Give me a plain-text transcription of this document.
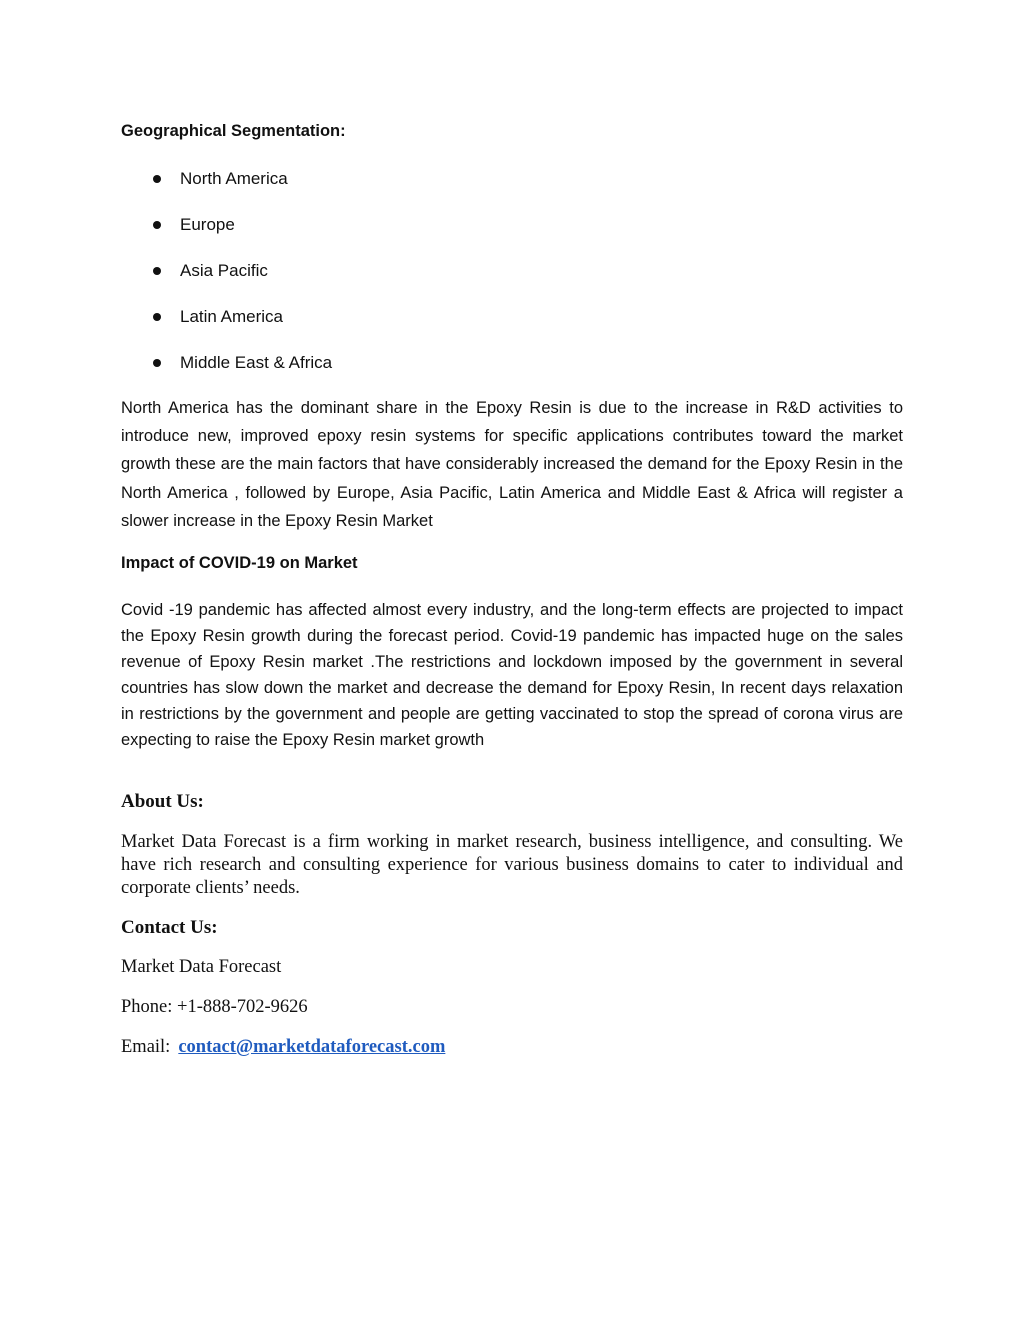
Geographical Segmentation:
North America
Europe
Asia Pacific
Latin America
Middle East & Africa

North America has the dominant share in the Epoxy Resin is due to the increase in R&D activities to introduce new, improved epoxy resin systems for specific applications contributes toward the market growth these are the main factors that have considerably increased the demand for the Epoxy Resin in the North America , followed by Europe, Asia Pacific, Latin America and Middle East & Africa will register a slower increase in the Epoxy Resin Market

Impact of COVID-19 on Market

Covid -19 pandemic has affected almost every industry, and the long-term effects are projected to impact the Epoxy Resin growth during the forecast period. Covid-19 pandemic has impacted huge on the sales revenue of Epoxy Resin market .The restrictions and lockdown imposed by the government in several countries has slow down the market and decrease the demand for Epoxy Resin, In recent days relaxation in restrictions by the government and people are getting vaccinated to stop the spread of corona virus are expecting to raise the Epoxy Resin market growth

About Us:

Market Data Forecast is a firm working in market research, business intelligence, and consulting. We have rich research and consulting experience for various business domains to cater to individual and corporate clients’ needs.

Contact Us:

Market Data Forecast

Phone: +1-888-702-9626

Email: contact@marketdataforecast.com
